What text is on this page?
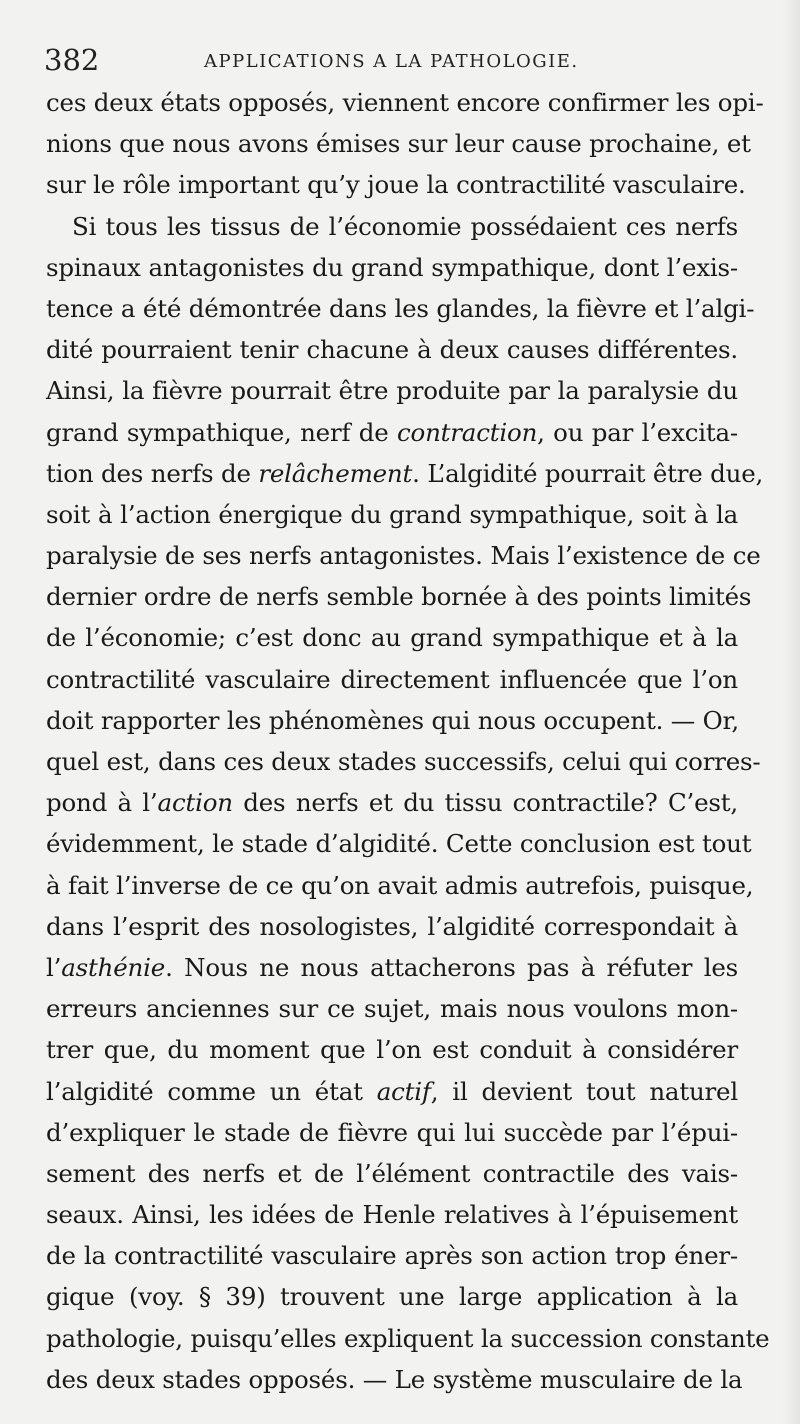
382	APPLICATIONS A LA PATHOLOGIE.
ces deux états opposés, viennent encore confirmer les opi-
nions que nous avons émises sur leur cause prochaine, et
sur le rôle important qu’y joue la contractilité vasculaire.
Si tous les tissus de l’économie possédaient ces nerfs
spinaux antagonistes du grand sympathique, dont l’exis-
tence a été démontrée dans les glandes, la fièvre et l’algi-
dité pourraient tenir chacune à deux causes différentes.
Ainsi, la fièvre pourrait être produite par la paralysie du
grand sympathique, nerf de contraction, ou par l’excita-
tion des nerfs de relâchement. L’algidité pourrait être due,
soit à l’action énergique du grand sympathique, soit à la
paralysie de ses nerfs antagonistes. Mais l’existence de ce
dernier ordre de nerfs semble bornée à des points limités
de l’économie; c’est donc au grand sympathique et à la
contractilité vasculaire directement influencée que l’on
doit rapporter les phénomènes qui nous occupent. — Or,
quel est, dans ces deux stades successifs, celui qui corres-
pond à l’action des nerfs et du tissu contractile? C’est,
évidemment, le stade d’algidité. Cette conclusion est tout
à fait l’inverse de ce qu’on avait admis autrefois, puisque,
dans l’esprit des nosologistes, l’algidité correspondait à
l’asthénie. Nous ne nous attacherons pas à réfuter les
erreurs anciennes sur ce sujet, mais nous voulons mon-
trer que, du moment que l’on est conduit à considérer
l’algidité comme un état actif, il devient tout naturel
d’expliquer le stade de fièvre qui lui succède par l’épui-
sement des nerfs et de l’élément contractile des vais-
seaux. Ainsi, les idées de Henle relatives à l’épuisement
de la contractilité vasculaire après son action trop éner-
gique (voy. § 39) trouvent une large application à la
pathologie, puisqu’elles expliquent la succession constante
des deux stades opposés. — Le système musculaire de la
